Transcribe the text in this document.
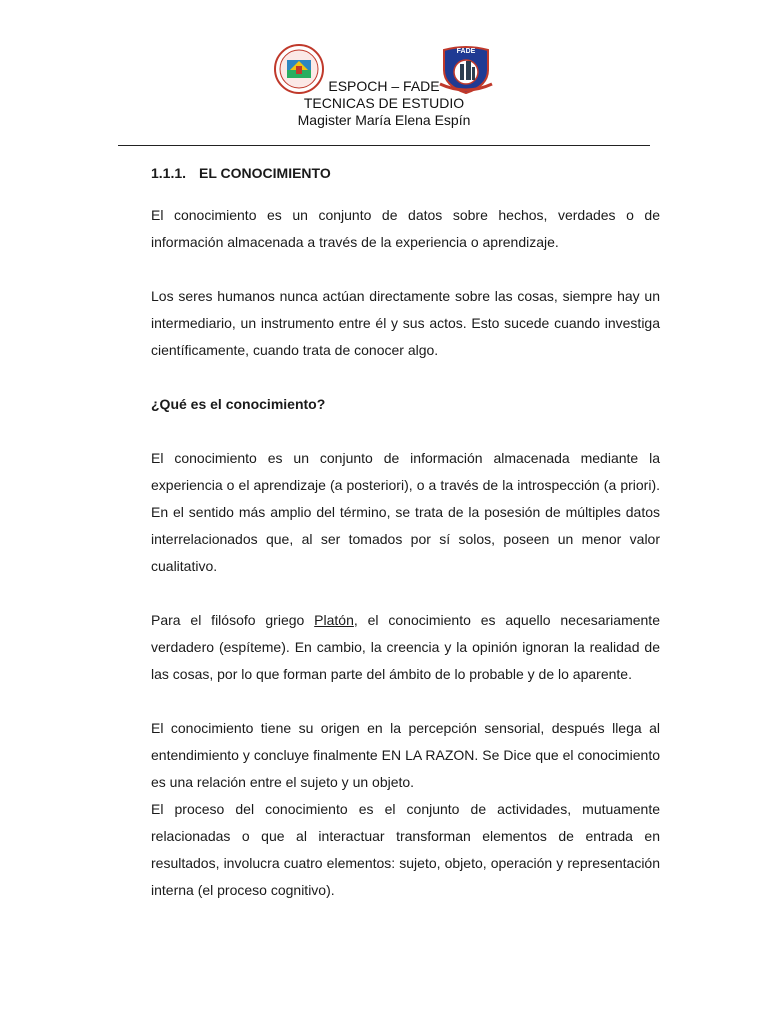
FADE
ESPOCH – FADE
TECNICAS DE ESTUDIO
Magister María Elena Espín
1.1.1. EL CONOCIMIENTO

El conocimiento es un conjunto de datos sobre hechos, verdades o de información almacenada a través de la experiencia o aprendizaje.

Los seres humanos nunca actúan directamente sobre las cosas, siempre hay un intermediario, un instrumento entre él y sus actos. Esto sucede cuando investiga científicamente, cuando trata de conocer algo.

¿Qué es el conocimiento?

El conocimiento es un conjunto de información almacenada mediante la experiencia o el aprendizaje (a posteriori), o a través de la introspección (a priori). En el sentido más amplio del término, se trata de la posesión de múltiples datos interrelacionados que, al ser tomados por sí solos, poseen un menor valor cualitativo.

Para el filósofo griego Platón, el conocimiento es aquello necesariamente verdadero (espíteme). En cambio, la creencia y la opinión ignoran la realidad de las cosas, por lo que forman parte del ámbito de lo probable y de lo aparente.

El conocimiento tiene su origen en la percepción sensorial, después llega al entendimiento y concluye finalmente EN LA RAZON. Se Dice que el conocimiento es una relación entre el sujeto y un objeto.

El proceso del conocimiento es el conjunto de actividades, mutuamente relacionadas o que al interactuar transforman elementos de entrada en resultados, involucra cuatro elementos: sujeto, objeto, operación y representación interna (el proceso cognitivo).
